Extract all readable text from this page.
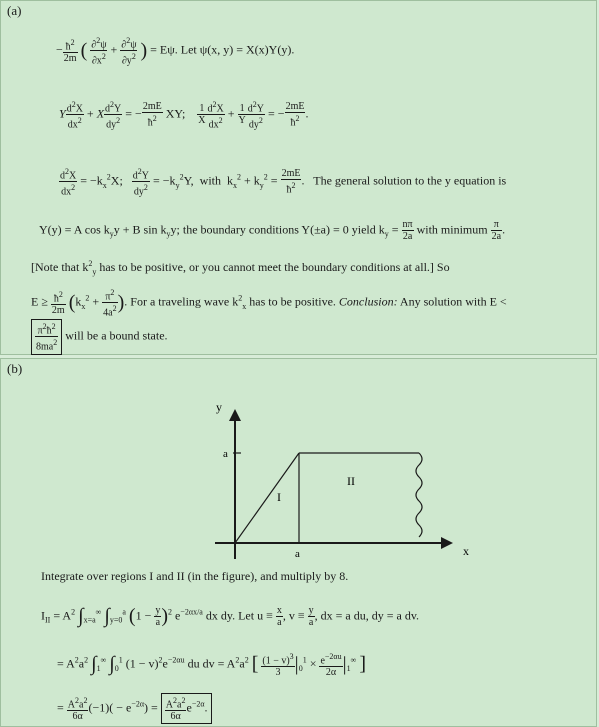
(a)
− $\frac{ħ^2}{2m}$ ( $\frac{\partial^2\psi}{\partial x^2} + \frac{\partial^2\psi}{\partial y^2}$ ) = Eψ. Let ψ(x, y) = X(x)Y(y).
Y $\frac{d^2X}{dx^2} + X \frac{d^2Y}{dy^2}$ = − $\frac{2mE}{ħ^2}$ XY; $\frac{1}{X} \frac{d^2X}{dx^2} + \frac{1}{Y} \frac{d^2Y}{dy^2}$ = − $\frac{2mE}{ħ^2}$ .
$\frac{d^2X}{dx^2} = -k_x^2X$; $\frac{d^2Y}{dy^2} = -k_y^2Y$,  with  $k_x^2 + k_y^2 = \frac{2mE}{ħ^2}$ .   The general solution to the y equation is
Y(y) = A $\cos k_yy + B$ $\sin k_yy$; the boundary conditions Y(±a) = 0 yield $k_y = \frac{n\pi}{2a}$ with minimum $\frac{\pi}{2a}$ .
[Note that $k^2_y$ has to be positive, or you cannot meet the boundary conditions at all.] So
$E \ge \frac{ħ^2}{2m} (k_x^2 + \frac{\pi^2}{4a^2}$ ). For a traveling wave $k^2_x$ has to be positive. Conclusion: Any solution with E <
$\frac{\pi^2ħ^2}{8ma^2}$ will be a bound state.
(b)
y
x
a
a
I
II
Integrate over regions I and II (in the figure), and multiply by 8.
$I_{II} = A^2$ $\int_{x=a}^\infty$ $\int_{y=0}^a$ $(1 - \frac{y}{a} )^2$ $e^{-2\alpha x/a}$ dx dy. Let $u \equiv \frac{x}{a}$ , $v \equiv \frac{y}{a}$ , dx = a du, dy = a dv.
= $A^2a^2$ $\int_1^\infty$ $\int_0^1$ $(1 - v)^2e^{-2\alpha u}$ du dv = $A^2a^2$ [ $\frac{(1 - v)^3}{3} |_0^1 \times \frac{e^{-2\alpha u}}{2\alpha} |_1^\infty$ ]
= $\frac{A^2a^2}{6\alpha} (-1)( - e^{-2\alpha}) = \frac{A^2a^2}{6\alpha} e^{-2\alpha}$.
